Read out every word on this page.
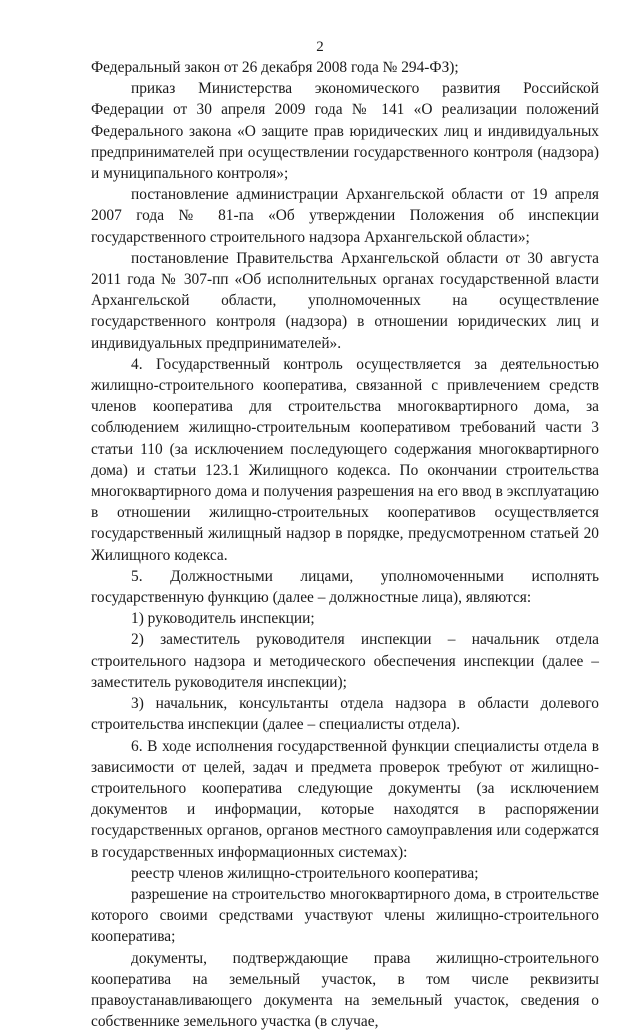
2

Федеральный закон от 26 декабря 2008 года № 294-ФЗ);

приказ Министерства экономического развития Российской Федерации от 30 апреля 2009 года № 141 «О реализации положений Федерального закона «О защите прав юридических лиц и индивидуальных предпринимателей при осуществлении государственного контроля (надзора) и муниципального контроля»;

постановление администрации Архангельской области от 19 апреля 2007 года № 81-па «Об утверждении Положения об инспекции государственного строительного надзора Архангельской области»;

постановление Правительства Архангельской области от 30 августа 2011 года № 307-пп «Об исполнительных органах государственной власти Архангельской области, уполномоченных на осуществление государственного контроля (надзора) в отношении юридических лиц и индивидуальных предпринимателей».

4. Государственный контроль осуществляется за деятельностью жилищно-строительного кооператива, связанной с привлечением средств членов кооператива для строительства многоквартирного дома, за соблюдением жилищно-строительным кооперативом требований части 3 статьи 110 (за исключением последующего содержания многоквартирного дома) и статьи 123.1 Жилищного кодекса. По окончании строительства многоквартирного дома и получения разрешения на его ввод в эксплуатацию в отношении жилищно-строительных кооперативов осуществляется государственный жилищный надзор в порядке, предусмотренном статьей 20 Жилищного кодекса.

5. Должностными лицами, уполномоченными исполнять государственную функцию (далее – должностные лица), являются:

1) руководитель инспекции;

2) заместитель руководителя инспекции – начальник отдела строительного надзора и методического обеспечения инспекции (далее – заместитель руководителя инспекции);

3) начальник, консультанты отдела надзора в области долевого строительства инспекции (далее – специалисты отдела).

6. В ходе исполнения государственной функции специалисты отдела в зависимости от целей, задач и предмета проверок требуют от жилищно-строительного кооператива следующие документы (за исключением документов и информации, которые находятся в распоряжении государственных органов, органов местного самоуправления или содержатся в государственных информационных системах):

реестр членов жилищно-строительного кооператива;

разрешение на строительство многоквартирного дома, в строительстве которого своими средствами участвуют члены жилищно-строительного кооператива;

документы, подтверждающие права жилищно-строительного кооператива на земельный участок, в том числе реквизиты правоустанавливающего документа на земельный участок, сведения о собственнике земельного участка (в случае,
